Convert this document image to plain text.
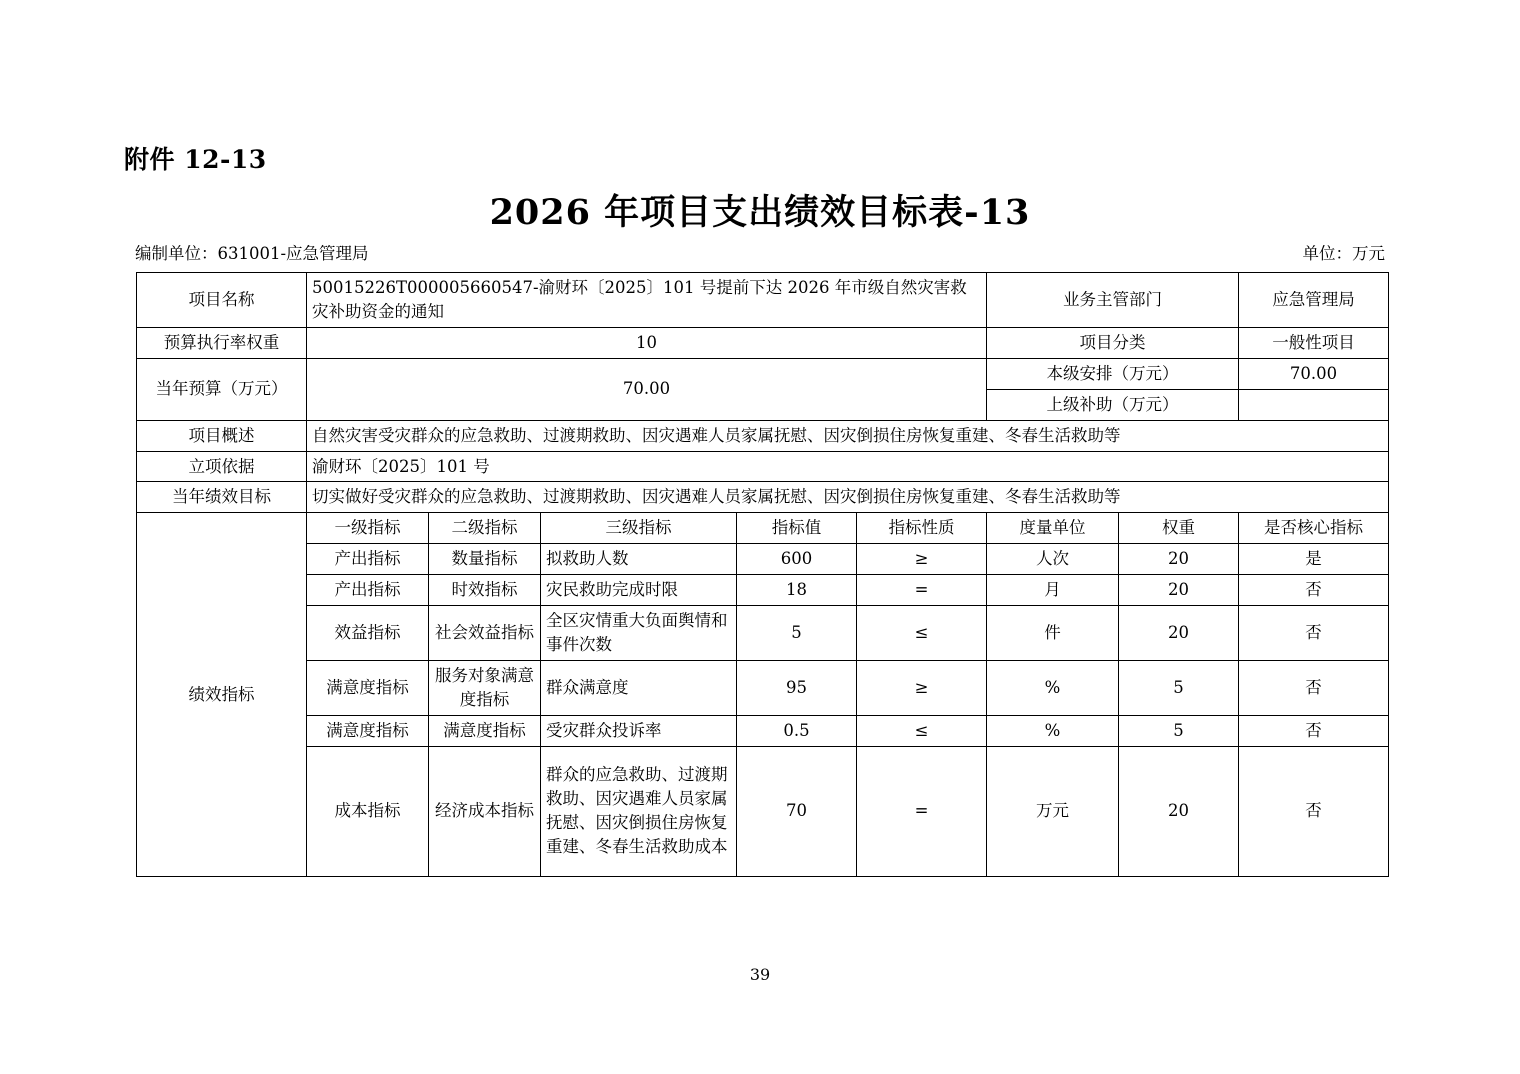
附件 12-13
2026 年项目支出绩效目标表-13
编制单位：631001-应急管理局	单位：万元
项目名称	50015226T000005660547-渝财环〔2025〕101 号提前下达 2026 年市级自然灾害救灾补助资金的通知					业务主管部门		应急管理局
预算执行率权重	10					项目分类		一般性项目
当年预算（万元）	70.00					本级安排（万元）		70.00
						上级补助（万元）		
项目概述	自然灾害受灾群众的应急救助、过渡期救助、因灾遇难人员家属抚慰、因灾倒损住房恢复重建、冬春生活救助等							
立项依据	渝财环〔2025〕101 号							
当年绩效目标	切实做好受灾群众的应急救助、过渡期救助、因灾遇难人员家属抚慰、因灾倒损住房恢复重建、冬春生活救助等							
绩效指标	一级指标	二级指标	三级指标	指标值	指标性质	度量单位	权重	是否核心指标
	产出指标	数量指标	拟救助人数	600	≥	人次	20	是
	产出指标	时效指标	灾民救助完成时限	18	=	月	20	否
	效益指标	社会效益指标	全区灾情重大负面舆情和事件次数	5	≤	件	20	否
	满意度指标	服务对象满意度指标	群众满意度	95	≥	%	5	否
	满意度指标	满意度指标	受灾群众投诉率	0.5	≤	%	5	否
	成本指标	经济成本指标	群众的应急救助、过渡期救助、因灾遇难人员家属抚慰、因灾倒损住房恢复重建、冬春生活救助成本	70	=	万元	20	否
39
